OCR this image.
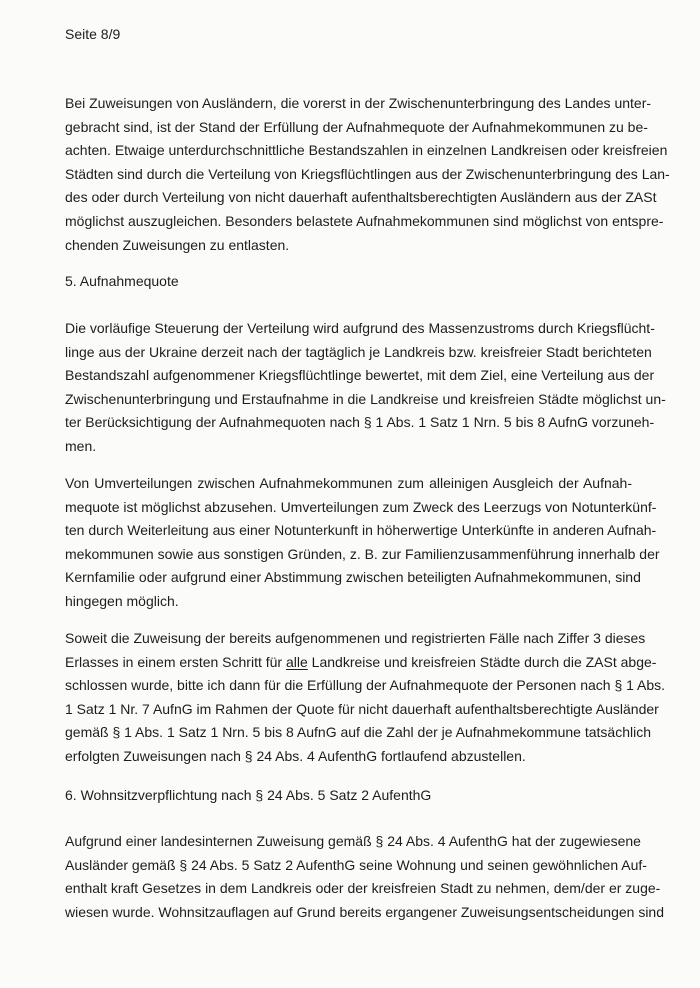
Seite 8/9
Bei Zuweisungen von Ausländern, die vorerst in der Zwischenunterbringung des Landes unter-
gebracht sind, ist der Stand der Erfüllung der Aufnahmequote der Aufnahmekommunen zu be-
achten. Etwaige unterdurchschnittliche Bestandszahlen in einzelnen Landkreisen oder kreisfreien
Städten sind durch die Verteilung von Kriegsflüchtlingen aus der Zwischenunterbringung des Lan-
des oder durch Verteilung von nicht dauerhaft aufenthaltsberechtigten Ausländern aus der ZASt
möglichst auszugleichen. Besonders belastete Aufnahmekommunen sind möglichst von entspre-
chenden Zuweisungen zu entlasten.
5. Aufnahmequote
Die vorläufige Steuerung der Verteilung wird aufgrund des Massenzustroms durch Kriegsflücht-
linge aus der Ukraine derzeit nach der tagtäglich je Landkreis bzw. kreisfreier Stadt berichteten
Bestandszahl aufgenommener Kriegsflüchtlinge bewertet, mit dem Ziel, eine Verteilung aus der
Zwischenunterbringung und Erstaufnahme in die Landkreise und kreisfreien Städte möglichst un-
ter Berücksichtigung der Aufnahmequoten nach § 1 Abs. 1 Satz 1 Nrn. 5 bis 8 AufnG vorzuneh-
men.
Von Umverteilungen zwischen Aufnahmekommunen zum alleinigen Ausgleich der Aufnah-
mequote ist möglichst abzusehen. Umverteilungen zum Zweck des Leerzugs von Notunterkünf-
ten durch Weiterleitung aus einer Notunterkunft in höherwertige Unterkünfte in anderen Aufnah-
mekommunen sowie aus sonstigen Gründen, z. B. zur Familienzusammenführung innerhalb der
Kernfamilie oder aufgrund einer Abstimmung zwischen beteiligten Aufnahmekommunen, sind
hingegen möglich.
Soweit die Zuweisung der bereits aufgenommenen und registrierten Fälle nach Ziffer 3 dieses
Erlasses in einem ersten Schritt für alle Landkreise und kreisfreien Städte durch die ZASt abge-
schlossen wurde, bitte ich dann für die Erfüllung der Aufnahmequote der Personen nach § 1 Abs.
1 Satz 1 Nr. 7 AufnG im Rahmen der Quote für nicht dauerhaft aufenthaltsberechtigte Ausländer
gemäß § 1 Abs. 1 Satz 1 Nrn. 5 bis 8 AufnG auf die Zahl der je Aufnahmekommune tatsächlich
erfolgten Zuweisungen nach § 24 Abs. 4 AufenthG fortlaufend abzustellen.
6. Wohnsitzverpflichtung nach § 24 Abs. 5 Satz 2 AufenthG
Aufgrund einer landesinternen Zuweisung gemäß § 24 Abs. 4 AufenthG hat der zugewiesene
Ausländer gemäß § 24 Abs. 5 Satz 2 AufenthG seine Wohnung und seinen gewöhnlichen Auf-
enthalt kraft Gesetzes in dem Landkreis oder der kreisfreien Stadt zu nehmen, dem/der er zuge-
wiesen wurde. Wohnsitzauflagen auf Grund bereits ergangener Zuweisungsentscheidungen sind
